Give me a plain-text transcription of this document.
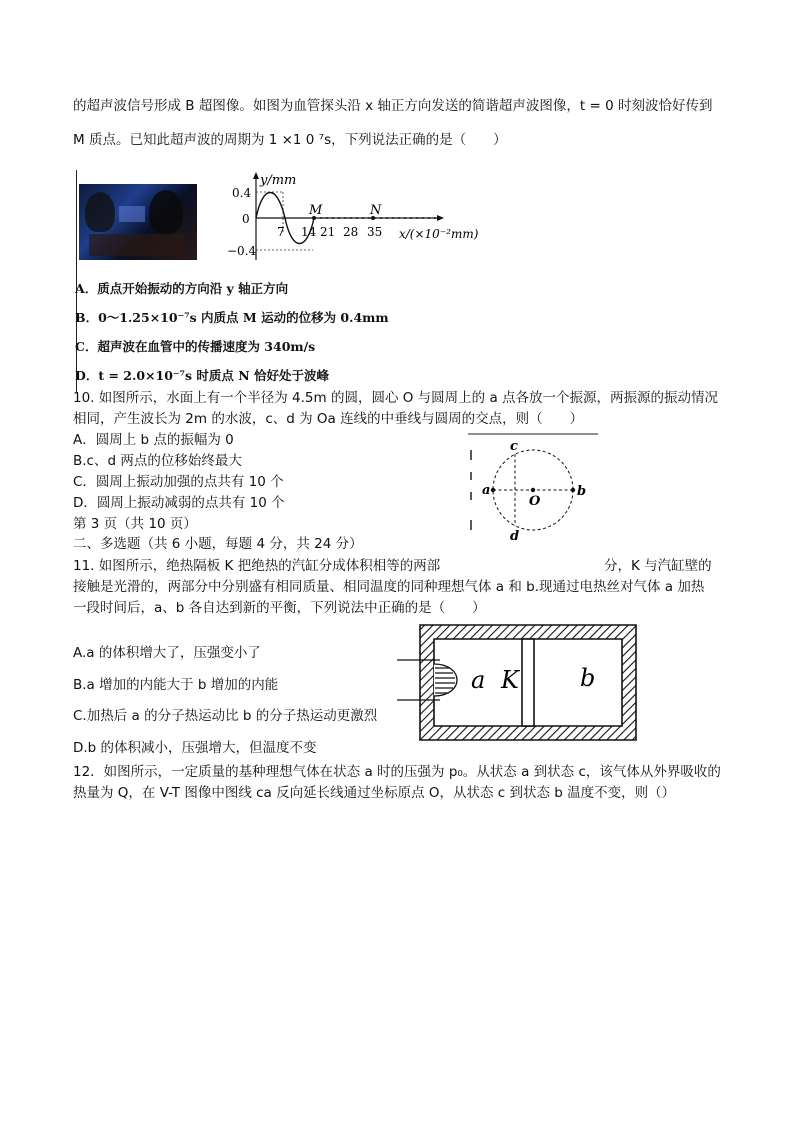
的超声波信号形成 B 超图像。如图为血管探头沿 x 轴正方向发送的简谐超声波图像，t = 0 时刻波恰好传到
M 质点。已知此超声波的周期为 1 ×1 0 ⁷s，下列说法正确的是（　　）
y/mm
0.4
0
−0.4
7 14 21 28 35
M	N
x/(×10⁻²mm)
A．质点开始振动的方向沿 y 轴正方向
B．0～1.25×10⁻⁷s 内质点 M 运动的位移为 0.4mm
C．超声波在血管中的传播速度为 340m/s
D．t = 2.0×10⁻⁷s 时质点 N 恰好处于波峰
10. 如图所示，水面上有一个半径为 4.5m 的圆，圆心 O 与圆周上的 a 点各放一个振源，两振源的振动情况
相同，产生波长为 2m 的水波，c、d 为 Oa 连线的中垂线与圆周的交点，则（　　）
A．圆周上 b 点的振幅为 0
B.c、d 两点的位移始终最大
C．圆周上振动加强的点共有 10 个
D．圆周上振动减弱的点共有 10 个
第 3 页（共 10 页）
二、多选题（共 6 小题，每题 4 分，共 24 分）
a	b
c
d
O
11. 如图所示，绝热隔板 K 把绝热的汽缸分成体积相等的两部	分，K 与汽缸壁的
接触是光滑的，两部分中分别盛有相同质量、相同温度的同种理想气体 a 和 b.现通过电热丝对气体 a 加热
一段时间后，a、b 各自达到新的平衡，下列说法中正确的是（　　）
A.a 的体积增大了，压强变小了
B.a 增加的内能大于 b 增加的内能
C.加热后 a 的分子热运动比 b 的分子热运动更激烈
D.b 的体积减小，压强增大，但温度不变
a K	b
12．如图所示，一定质量的基种理想气体在状态 a 时的压强为 p₀。从状态 a 到状态 c，该气体从外界吸收的
热量为 Q，在 V-T 图像中图线 ca 反向延长线通过坐标原点 O，从状态 c 到状态 b 温度不变，则（）
